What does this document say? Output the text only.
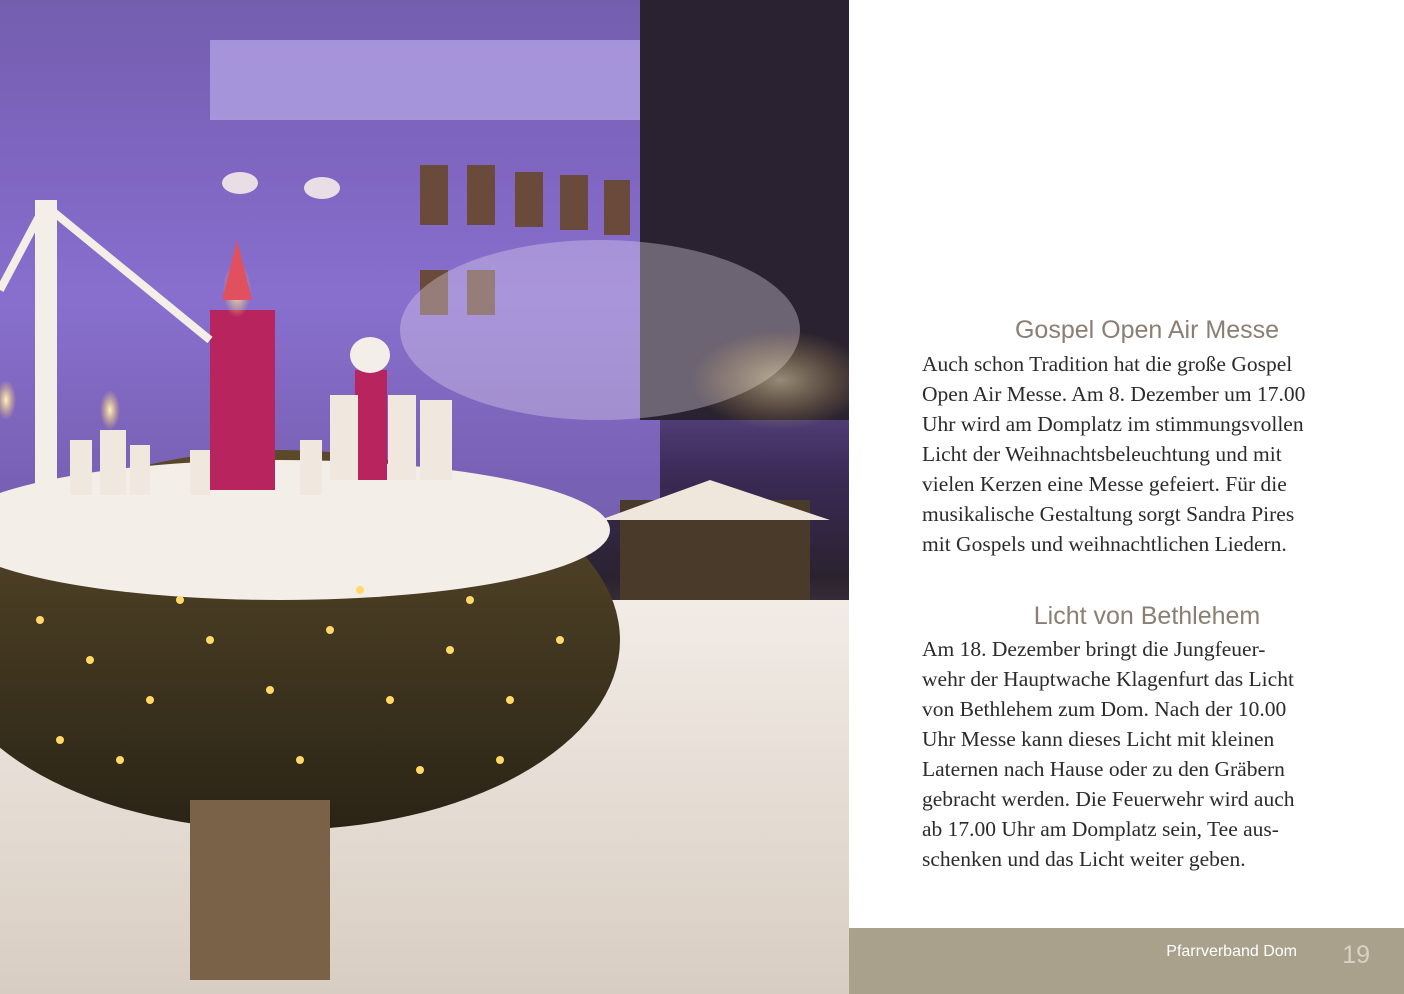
Gospel Open Air Messe

Auch schon Tradition hat die große Gospel
Open Air Messe. Am 8. Dezember um 17.00
Uhr wird am Domplatz im stimmungsvollen
Licht der Weihnachtsbeleuchtung und mit
vielen Kerzen eine Messe gefeiert. Für die
musikalische Gestaltung sorgt Sandra Pires
mit Gospels und weihnachtlichen Liedern.

Licht von Bethlehem

Am 18. Dezember bringt die Jungfeuer-
wehr der Hauptwache Klagenfurt das Licht
von Bethlehem zum Dom. Nach der 10.00
Uhr Messe kann dieses Licht mit kleinen
Laternen nach Hause oder zu den Gräbern
gebracht werden. Die Feuerwehr wird auch
ab 17.00 Uhr am Domplatz sein, Tee aus-
schenken und das Licht weiter geben.

Pfarrverband Dom 19
